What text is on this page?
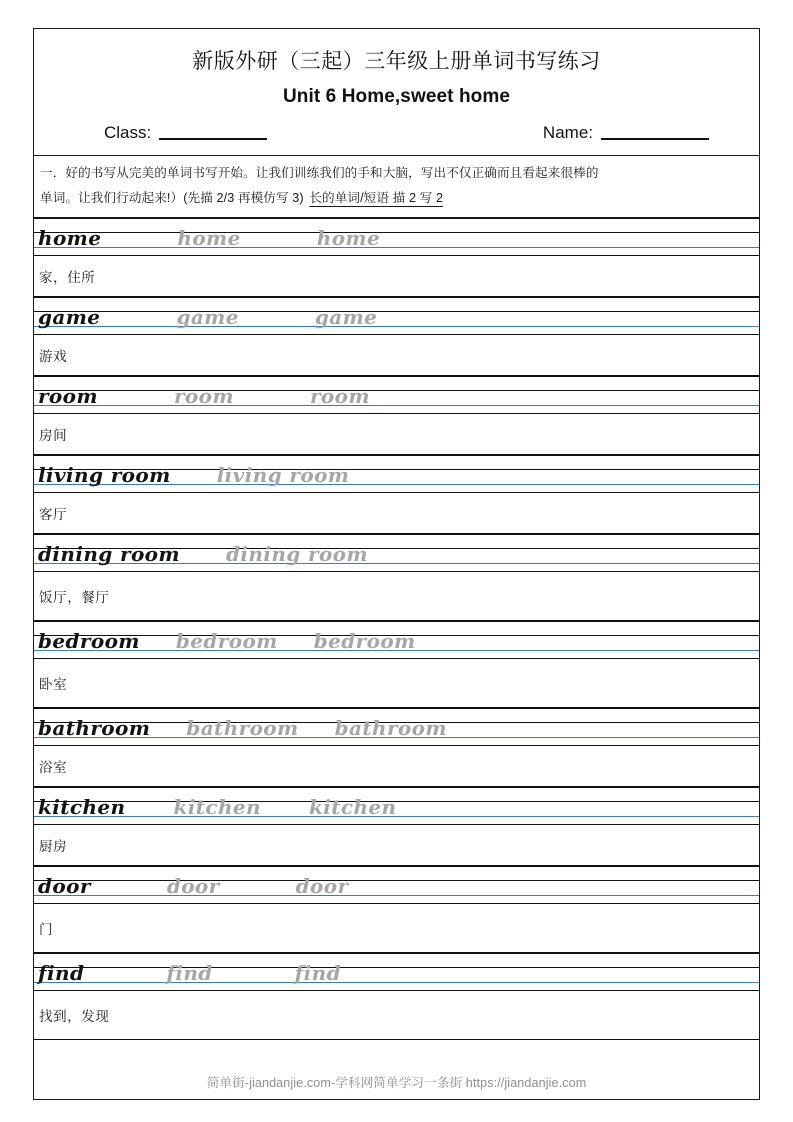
新版外研（三起）三年级上册单词书写练习
Unit 6 Home,sweet home
Class:	Name:
一．好的书写从完美的单词书写开始。让我们训练我们的手和大脑，写出不仅正确而且看起来很棒的
单词。让我们行动起来!）(先描 2/3 再模仿写 3) 长的单词/短语 描 2 写 2
home	home	home
家，住所
game	game	game
游戏
room	room	room
房间
living room living room
客厅
dining room dining room
饭厅，餐厅
bedroom bedroom bedroom
卧室
bathroom bathroom bathroom
浴室
kitchen kitchen kitchen
厨房
door	door	door
门
find	find	find
找到，发现
简单街-jiandanjie.com-学科网简单学习一条街 https://jiandanjie.com
